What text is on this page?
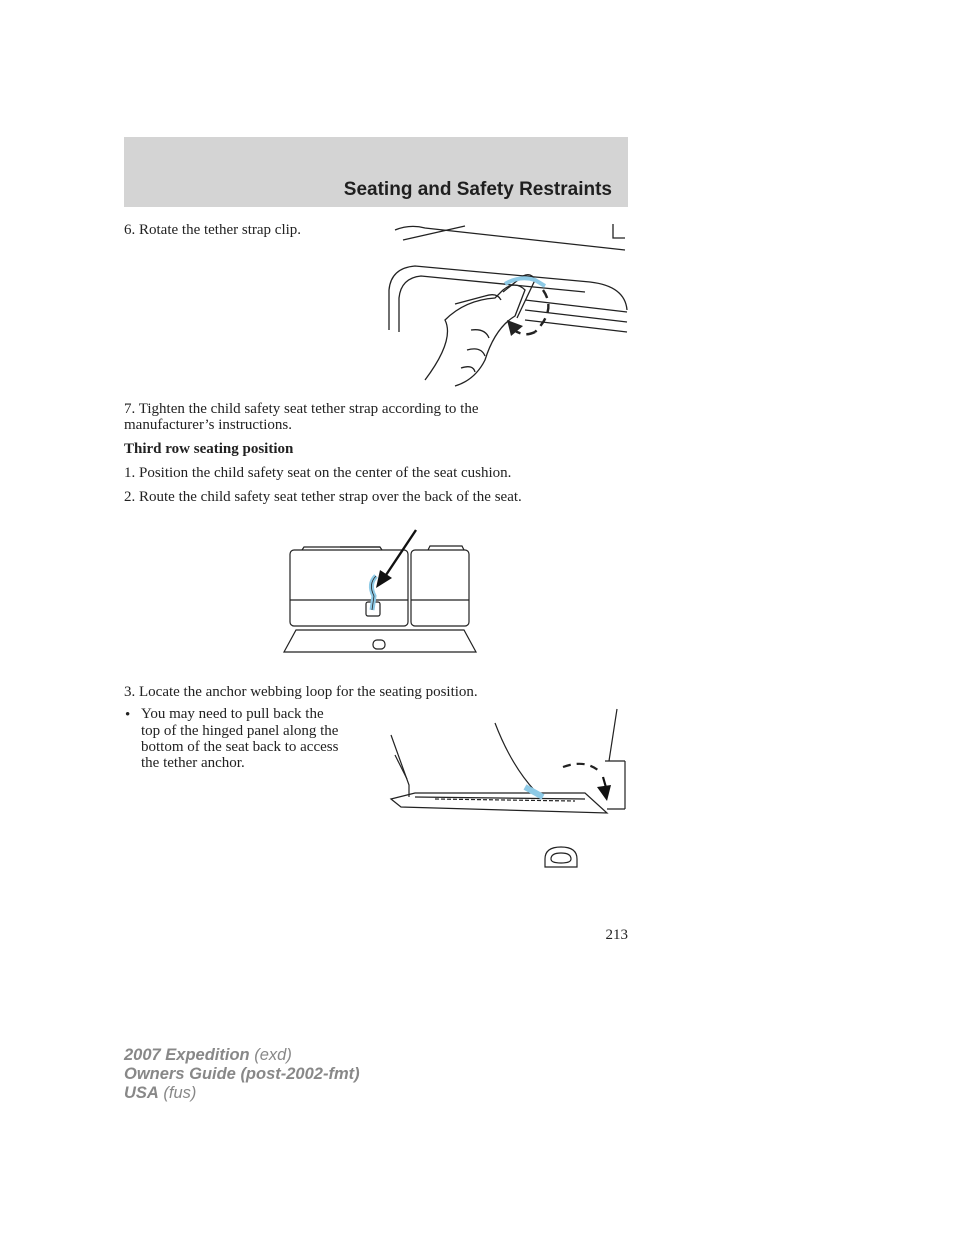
Seating and Safety Restraints

6. Rotate the tether strap clip.

7. Tighten the child safety seat tether strap according to the

manufacturer’s instructions.

Third row seating position

1. Position the child safety seat on the center of the seat cushion.

2. Route the child safety seat tether strap over the back of the seat.

3. Locate the anchor webbing loop for the seating position.

• You may need to pull back the

top of the hinged panel along the

bottom of the seat back to access

the tether anchor.

213
2007 Expedition (exd)
Owners Guide (post-2002-fmt)
USA (fus)
